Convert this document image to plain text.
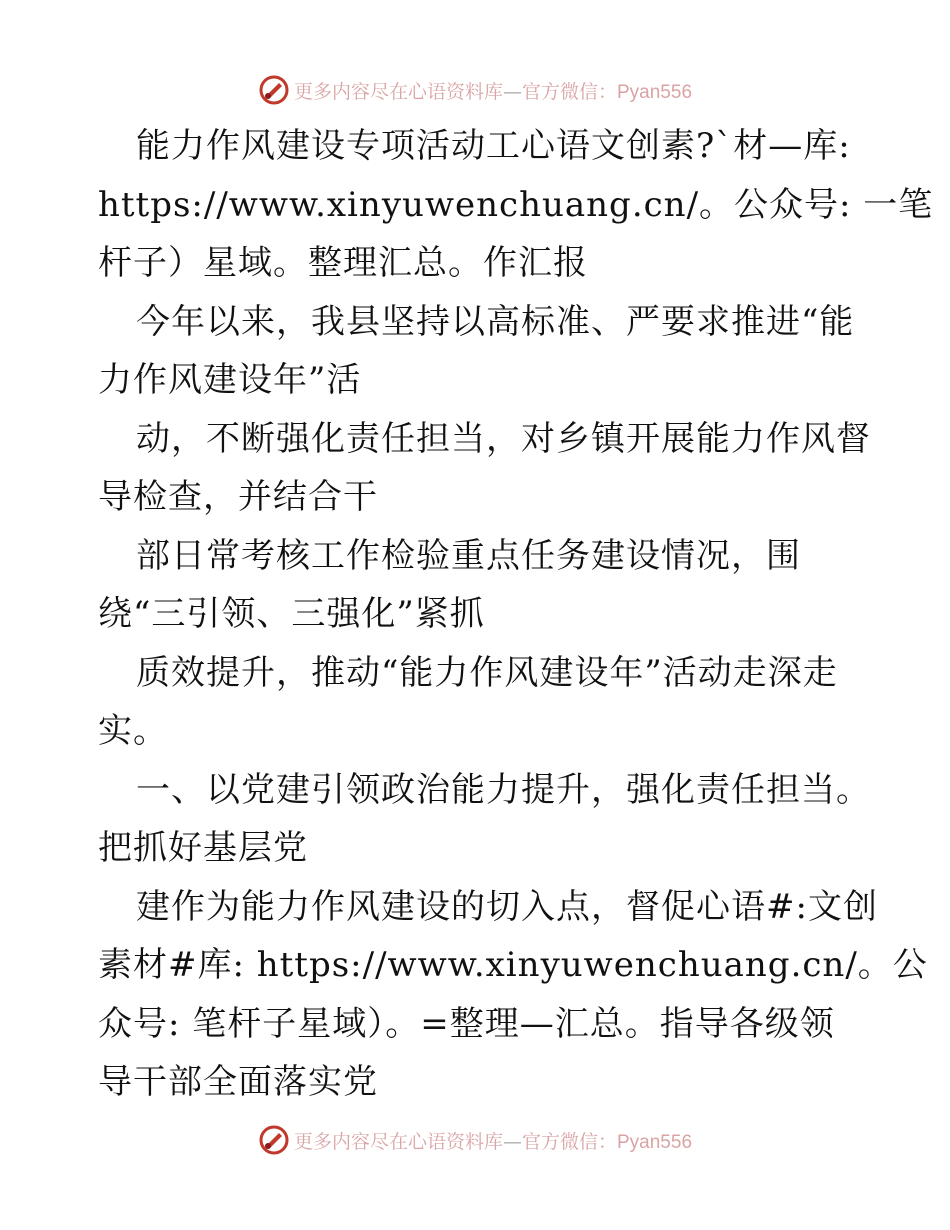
更多内容尽在心语资料库—官方微信：Pyan556
能力作风建设专项活动工心语文创素?`材—库:
https://www.xinyuwenchuang.cn/。公众号: 一笔
杆子）星域。整理汇总。作汇报
今年以来，我县坚持以高标准、严要求推进“能
力作风建设年”活
动，不断强化责任担当，对乡镇开展能力作风督
导检查，并结合干
部日常考核工作检验重点任务建设情况，围
绕“三引领、三强化”紧抓
质效提升，推动“能力作风建设年”活动走深走
实。
一、以党建引领政治能力提升，强化责任担当。
把抓好基层党
建作为能力作风建设的切入点，督促心语#:文创
素材#库: https://www.xinyuwenchuang.cn/。公
众号: 笔杆子星域）。=整理—汇总。指导各级领
导干部全面落实党
更多内容尽在心语资料库—官方微信：Pyan556
